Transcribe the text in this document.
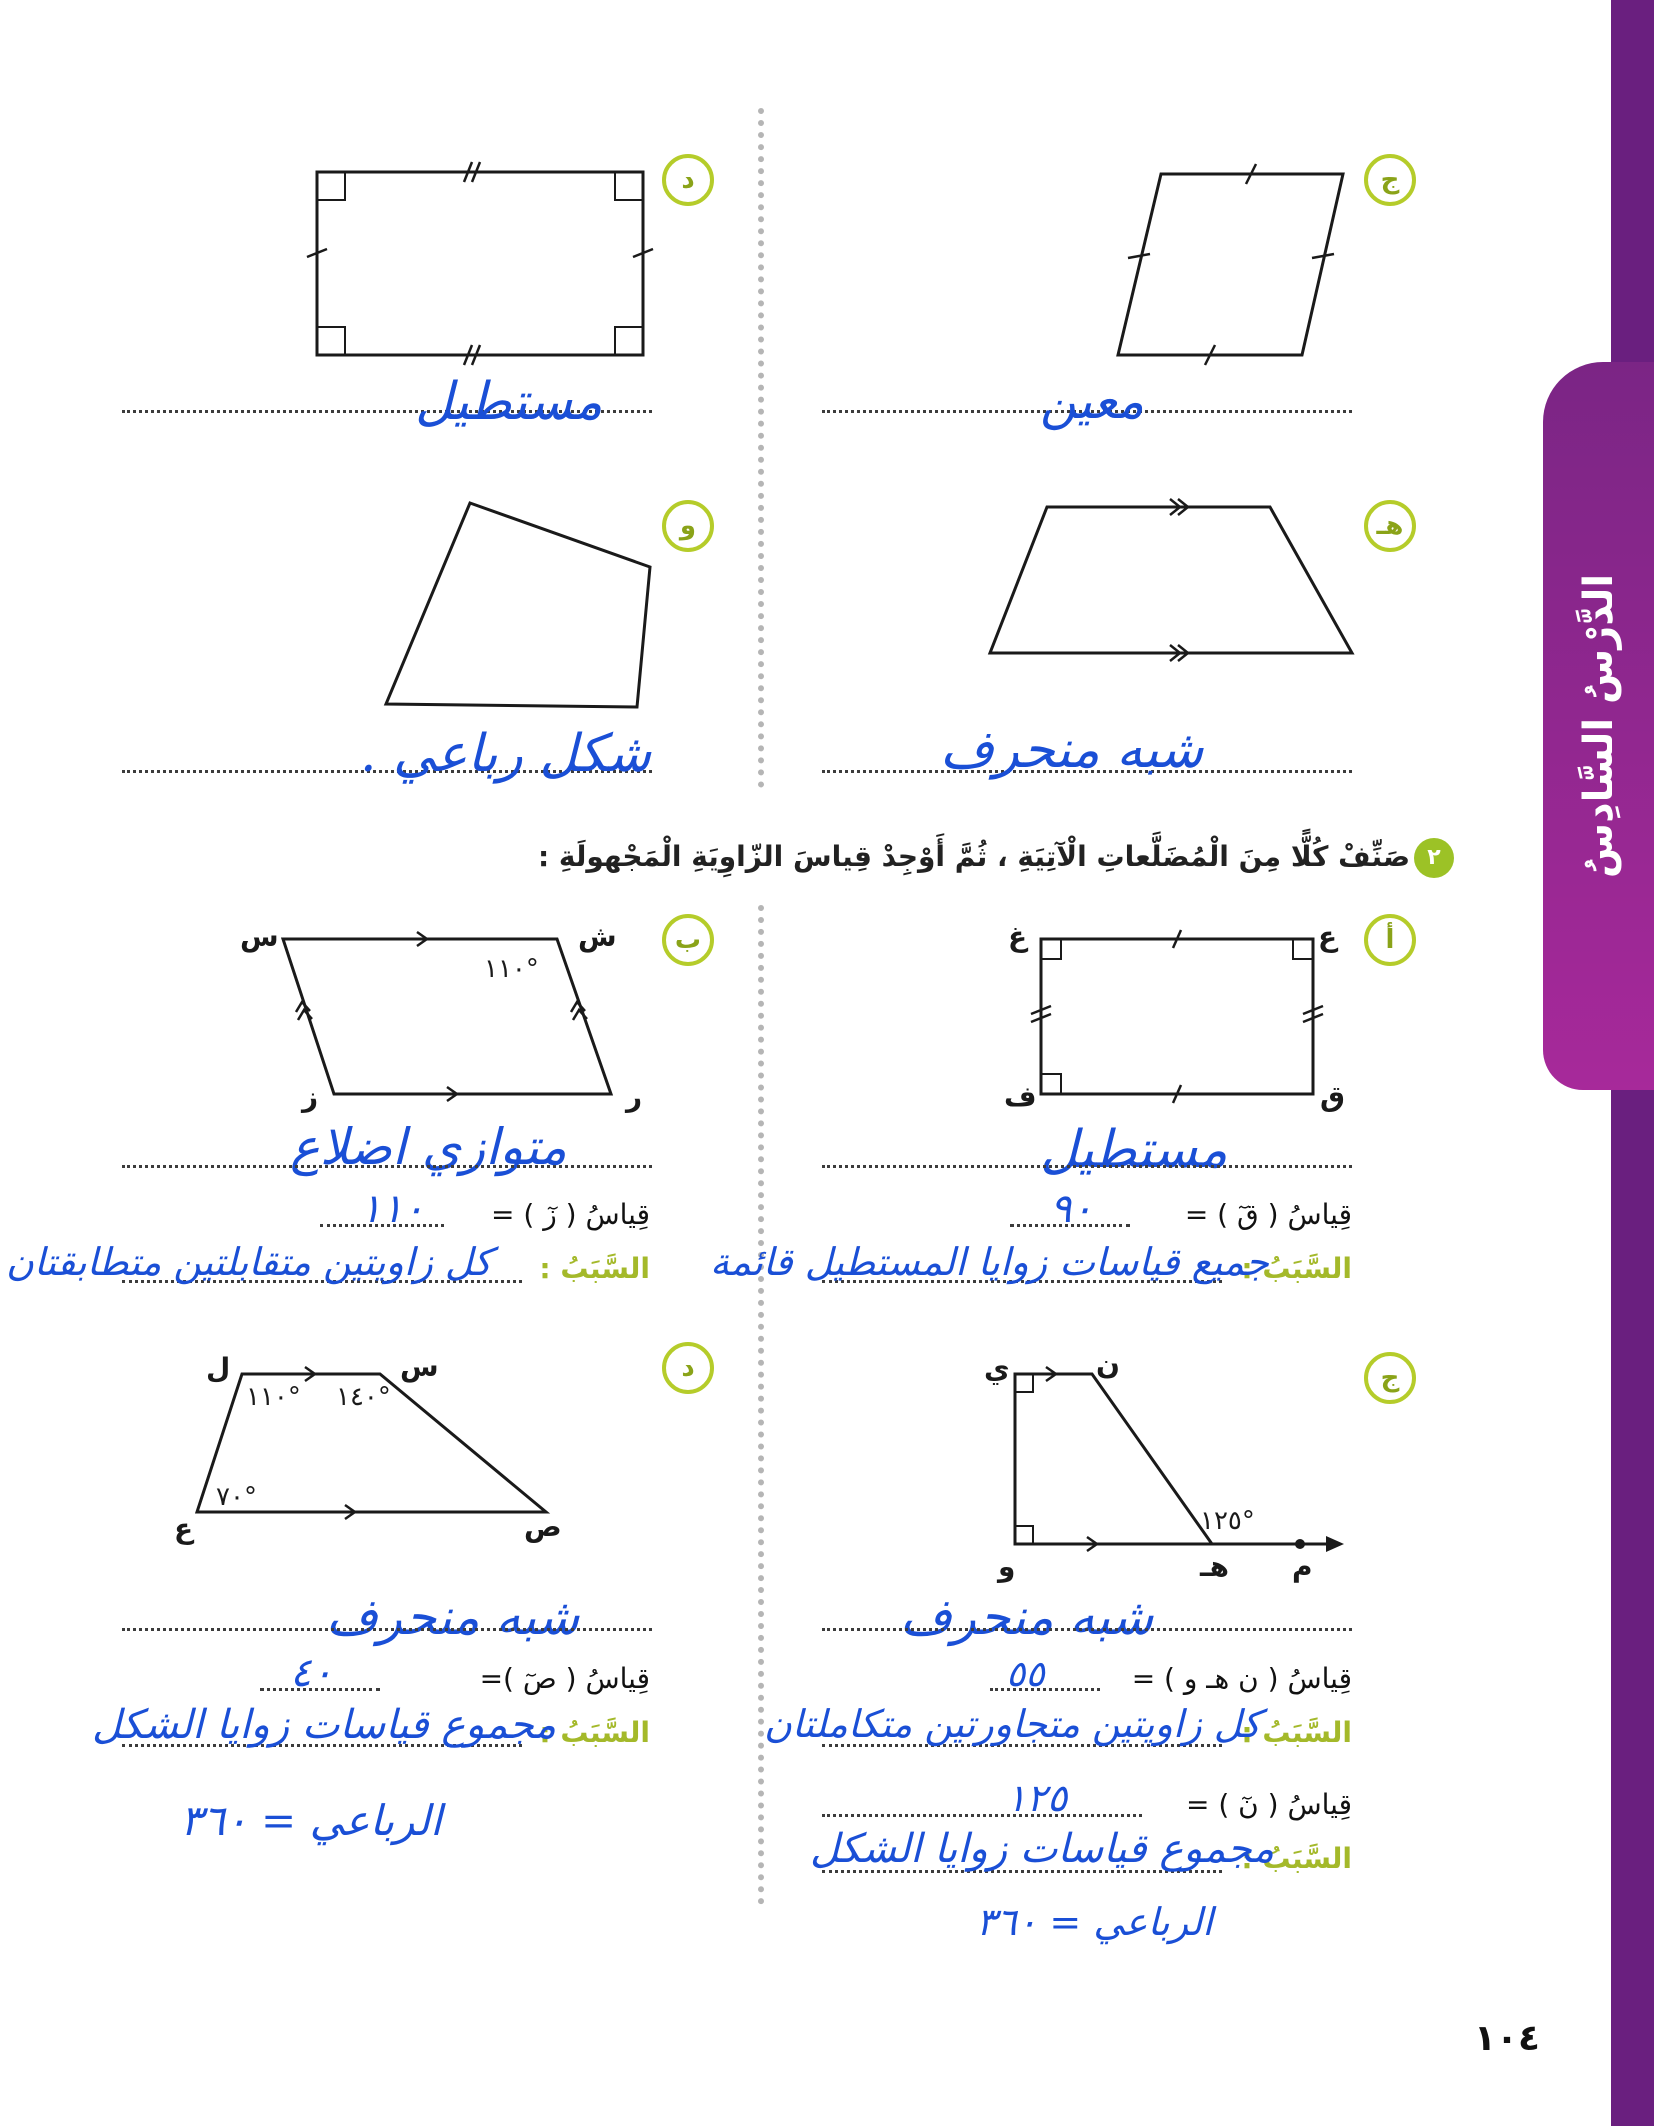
الدَّرْسُ السَّادِسُ
ج
معين
د
مستطيل
هـ
شبه منحرف
و
شكل رباعي .
٢
صَنِّفْ كُلًّا مِنَ الْمُضَلَّعاتِ الْآتِيَةِ ، ثُمَّ أَوْجِدْ قِياسَ الزّاوِيَةِ الْمَجْهولَةِ :
أ
ع
غ
ف	ق
مستطيل
قِياسُ ( قٓ ) =
٩٠
السَّبَبُ :
جميع قياسات زوايا المستطيل قائمة
ب
ش
س
ز	ر
١١٠°
متوازي اضلاع
قِياسُ ( زٓ ) =
١١٠
السَّبَبُ :
كل زاويتين متقابلتين متطابقتان
ج
ي	ن
و	هـ م
١٢٥°
شبه منحرف
قِياسُ ( ن هـ و ) =
٥٥
السَّبَبُ :
كل زاويتين متجاورتين متكاملتان
قِياسُ ( نٓ ) =
١٢٥
السَّبَبُ :
مجموع قياسات زوايا الشكل
الرباعي = ٣٦٠
د
ل	س
ع	ص
١١٠° ١٤٠°
٧٠°
شبه منحرف
قِياسُ ( صٓ )=
٤٠
السَّبَبُ :
مجموع قياسات زوايا الشكل
الرباعي = ٣٦٠
١٠٤
